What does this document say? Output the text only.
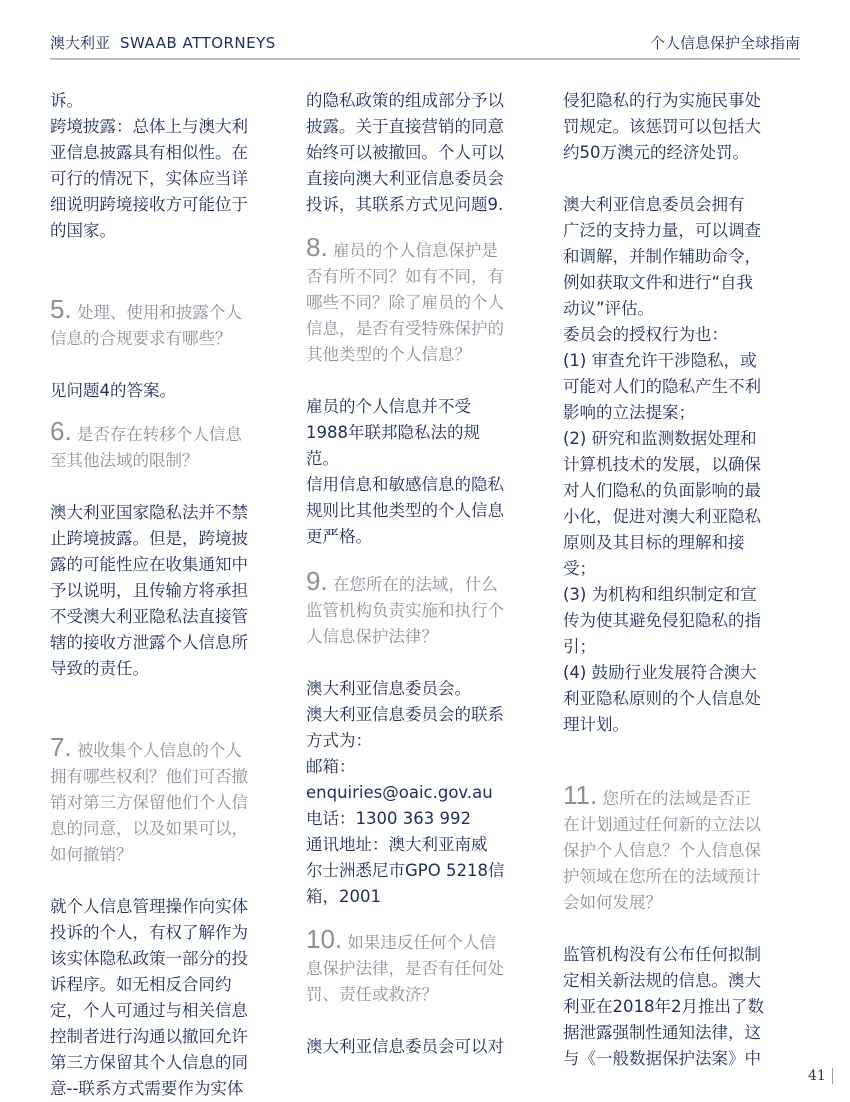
澳大利亚 SWAAB ATTORNEYS	个人信息保护全球指南

诉。
跨境披露：总体上与澳大利
亚信息披露具有相似性。在
可行的情况下，实体应当详
细说明跨境接收方可能位于
的国家。

5. 处理、使用和披露个人
信息的合规要求有哪些？

见问题4的答案。

6. 是否存在转移个人信息
至其他法域的限制？

澳大利亚国家隐私法并不禁
止跨境披露。但是，跨境披
露的可能性应在收集通知中
予以说明，且传输方将承担
不受澳大利亚隐私法直接管
辖的接收方泄露个人信息所
导致的责任。

7. 被收集个人信息的个人
拥有哪些权利？他们可否撤
销对第三方保留他们个人信
息的同意，以及如果可以，
如何撤销？

就个人信息管理操作向实体
投诉的个人，有权了解作为
该实体隐私政策一部分的投
诉程序。如无相反合同约
定，个人可通过与相关信息
控制者进行沟通以撤回允许
第三方保留其个人信息的同
意--联系方式需要作为实体

的隐私政策的组成部分予以
披露。关于直接营销的同意
始终可以被撤回。个人可以
直接向澳大利亚信息委员会
投诉，其联系方式见问题9.

8. 雇员的个人信息保护是
否有所不同？如有不同，有
哪些不同？除了雇员的个人
信息，是否有受特殊保护的
其他类型的个人信息？

雇员的个人信息并不受
1988年联邦隐私法的规
范。
信用信息和敏感信息的隐私
规则比其他类型的个人信息
更严格。

9. 在您所在的法域，什么
监管机构负责实施和执行个
人信息保护法律？

澳大利亚信息委员会。
澳大利亚信息委员会的联系
方式为：
邮箱：
enquiries@oaic.gov.au
电话：1300 363 992
通讯地址：澳大利亚南威
尔士洲悉尼市GPO 5218信
箱，2001

10. 如果违反任何个人信
息保护法律，是否有任何处
罚、责任或救济？

澳大利亚信息委员会可以对

侵犯隐私的行为实施民事处
罚规定。该惩罚可以包括大
约50万澳元的经济处罚。

澳大利亚信息委员会拥有
广泛的支持力量，可以调查
和调解，并制作辅助命令，
例如获取文件和进行“自我
动议”评估。
委员会的授权行为也：
(1) 审查允许干涉隐私，或
可能对人们的隐私产生不利
影响的立法提案；
(2) 研究和监测数据处理和
计算机技术的发展，以确保
对人们隐私的负面影响的最
小化，促进对澳大利亚隐私
原则及其目标的理解和接
受；
(3) 为机构和组织制定和宣
传为使其避免侵犯隐私的指
引；
(4) 鼓励行业发展符合澳大
利亚隐私原则的个人信息处
理计划。

11. 您所在的法域是否正
在计划通过任何新的立法以
保护个人信息？个人信息保
护领域在您所在的法域预计
会如何发展？

监管机构没有公布任何拟制
定相关新法规的信息。澳大
利亚在2018年2月推出了数
据泄露强制性通知法律，这
与《一般数据保护法案》中

41
